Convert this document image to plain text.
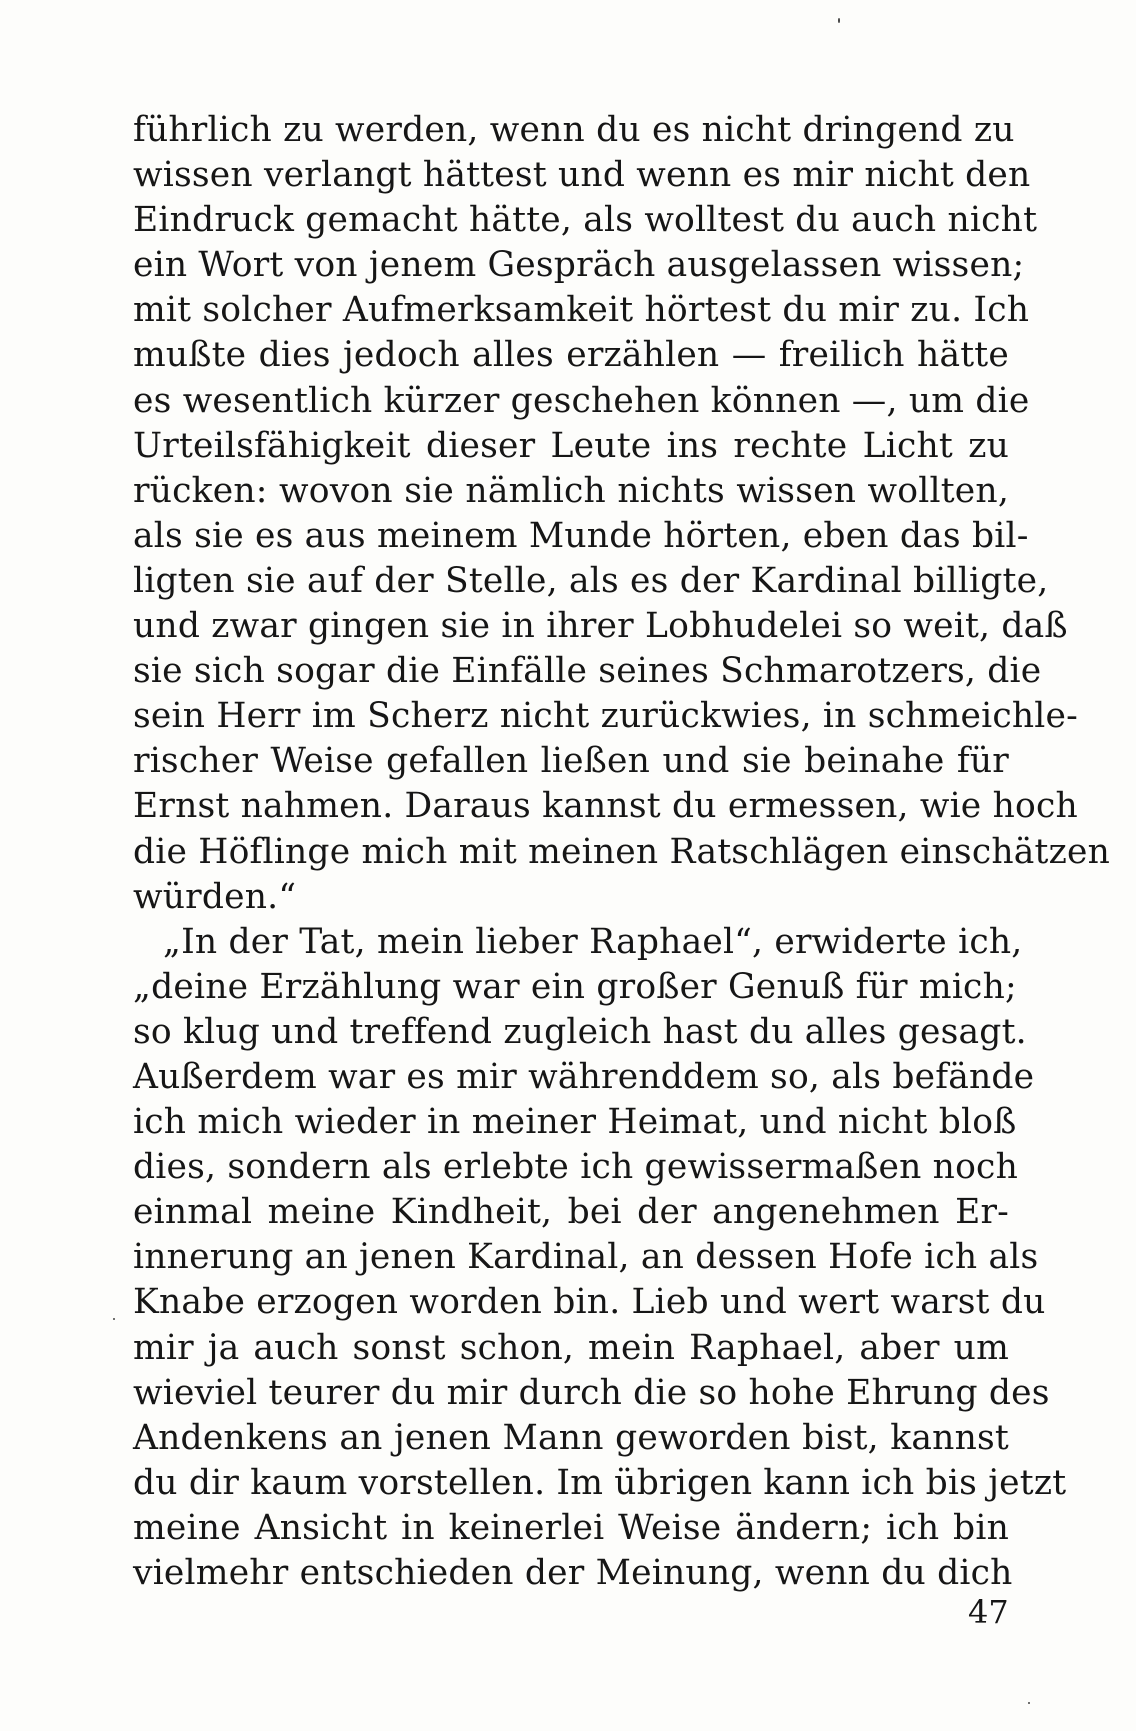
führlich zu werden, wenn du es nicht dringend zu
wissen verlangt hättest und wenn es mir nicht den
Eindruck gemacht hätte, als wolltest du auch nicht
ein Wort von jenem Gespräch ausgelassen wissen;
mit solcher Aufmerksamkeit hörtest du mir zu. Ich
mußte dies jedoch alles erzählen — freilich hätte
es wesentlich kürzer geschehen können —, um die
Urteilsfähigkeit dieser Leute ins rechte Licht zu
rücken: wovon sie nämlich nichts wissen wollten,
als sie es aus meinem Munde hörten, eben das bil-
ligten sie auf der Stelle, als es der Kardinal billigte,
und zwar gingen sie in ihrer Lobhudelei so weit, daß
sie sich sogar die Einfälle seines Schmarotzers, die
sein Herr im Scherz nicht zurückwies, in schmeichle-
rischer Weise gefallen ließen und sie beinahe für
Ernst nahmen. Daraus kannst du ermessen, wie hoch
die Höflinge mich mit meinen Ratschlägen einschätzen
würden.“
„In der Tat, mein lieber Raphael“, erwiderte ich,
„deine Erzählung war ein großer Genuß für mich;
so klug und treffend zugleich hast du alles gesagt.
Außerdem war es mir währenddem so, als befände
ich mich wieder in meiner Heimat, und nicht bloß
dies, sondern als erlebte ich gewissermaßen noch
einmal meine Kindheit, bei der angenehmen Er-
innerung an jenen Kardinal, an dessen Hofe ich als
Knabe erzogen worden bin. Lieb und wert warst du
mir ja auch sonst schon, mein Raphael, aber um
wieviel teurer du mir durch die so hohe Ehrung des
Andenkens an jenen Mann geworden bist, kannst
du dir kaum vorstellen. Im übrigen kann ich bis jetzt
meine Ansicht in keinerlei Weise ändern; ich bin
vielmehr entschieden der Meinung, wenn du dich
47
